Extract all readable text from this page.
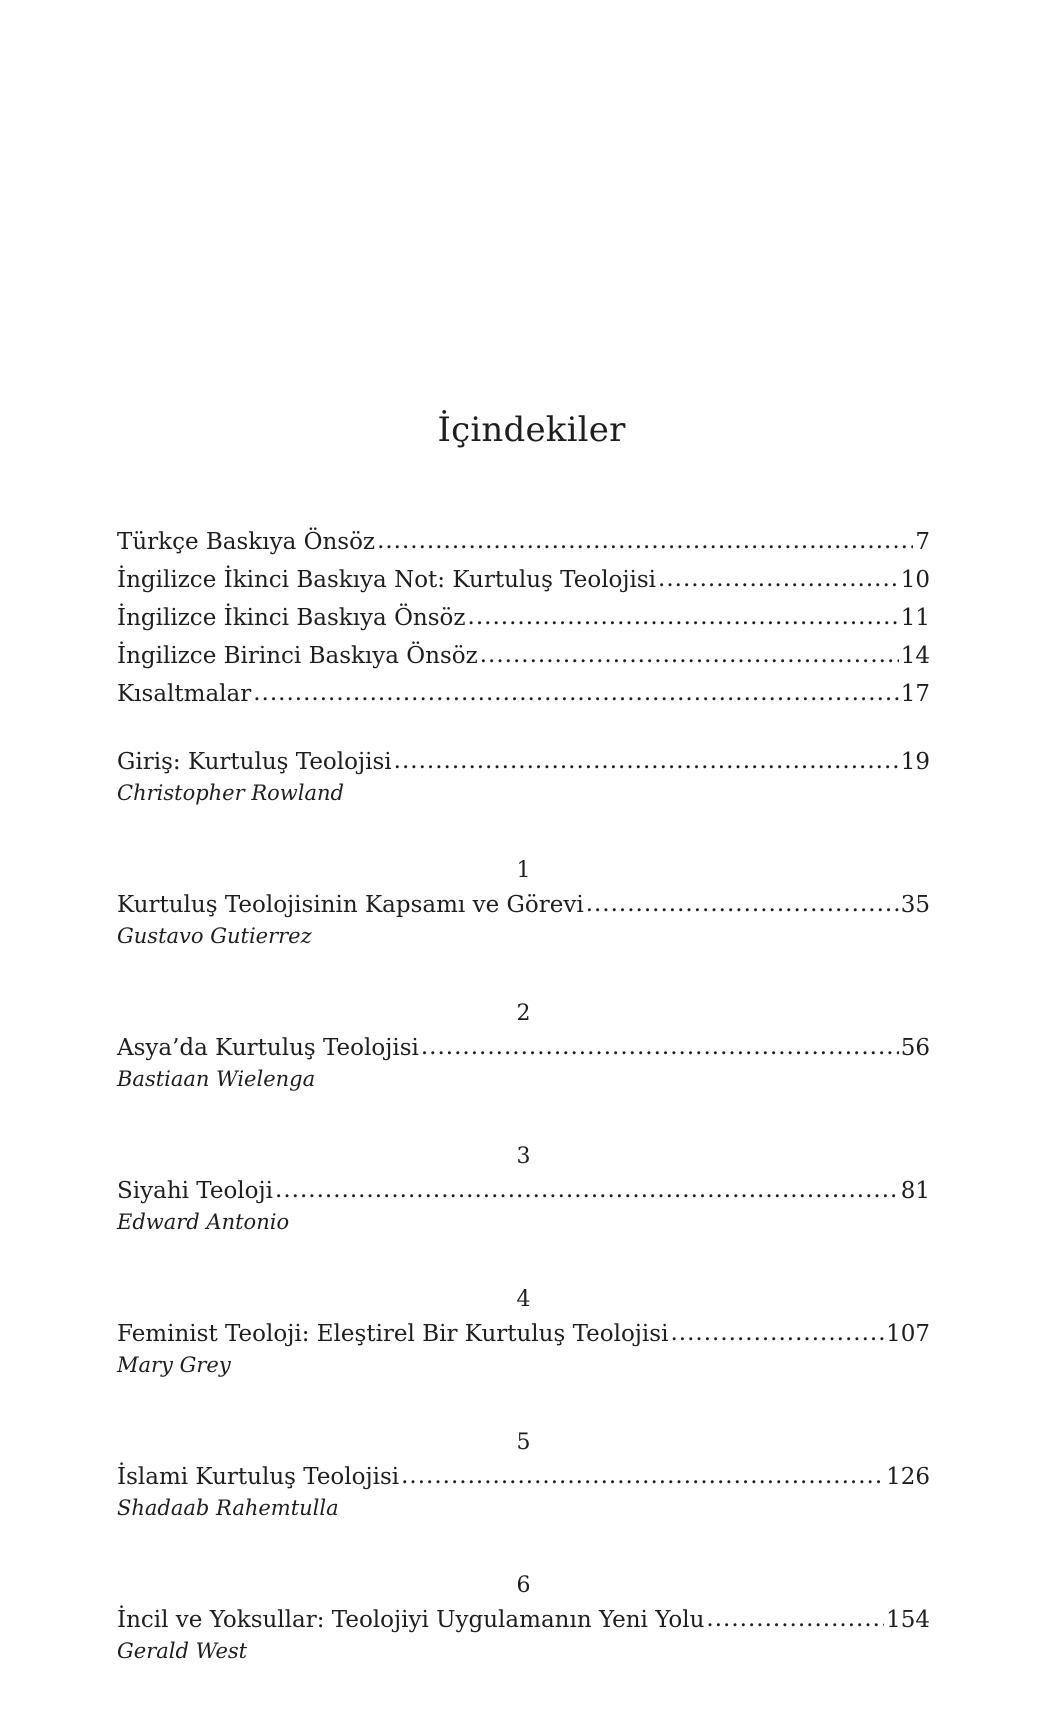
İçindekiler
Türkçe Baskıya Önsöz .....	7
İngilizce İkinci Baskıya Not: Kurtuluş Teolojisi .....	10
İngilizce İkinci Baskıya Önsöz .....	11
İngilizce Birinci Baskıya Önsöz .....	14
Kısaltmalar .....	17
Giriş: Kurtuluş Teolojisi .....	19
Christopher Rowland
1
Kurtuluş Teolojisinin Kapsamı ve Görevi .....	35
Gustavo Gutierrez
2
Asya’da Kurtuluş Teolojisi .....	56
Bastiaan Wielenga
3
Siyahi Teoloji .....	81
Edward Antonio
4
Feminist Teoloji: Eleştirel Bir Kurtuluş Teolojisi .....	107
Mary Grey
5
İslami Kurtuluş Teolojisi .....	126
Shadaab Rahemtulla
6
İncil ve Yoksullar: Teolojiyi Uygulamanın Yeni Yolu .....	154
Gerald West
